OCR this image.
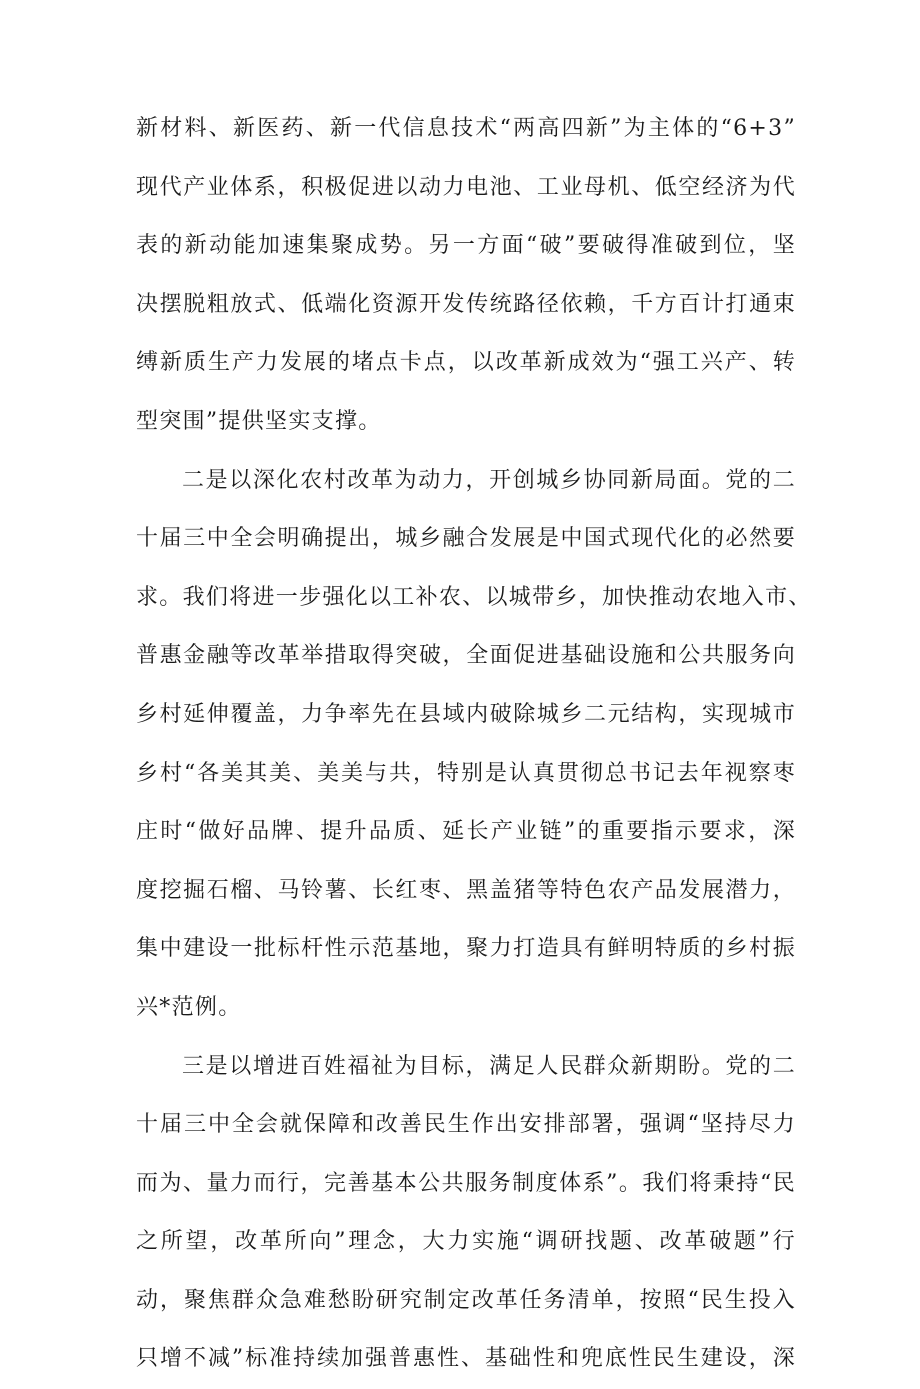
新材料、新医药、新一代信息技术“两高四新”为主体的“6+3”
现代产业体系，积极促进以动力电池、工业母机、低空经济为代
表的新动能加速集聚成势。另一方面“破”要破得准破到位，坚
决摆脱粗放式、低端化资源开发传统路径依赖，千方百计打通束
缚新质生产力发展的堵点卡点，以改革新成效为“强工兴产、转
型突围”提供坚实支撑。
二是以深化农村改革为动力，开创城乡协同新局面。党的二
十届三中全会明确提出，城乡融合发展是中国式现代化的必然要
求。我们将进一步强化以工补农、以城带乡，加快推动农地入市、
普惠金融等改革举措取得突破，全面促进基础设施和公共服务向
乡村延伸覆盖，力争率先在县域内破除城乡二元结构，实现城市
乡村“各美其美、美美与共，特别是认真贯彻总书记去年视察枣
庄时“做好品牌、提升品质、延长产业链”的重要指示要求，深
度挖掘石榴、马铃薯、长红枣、黑盖猪等特色农产品发展潜力，
集中建设一批标杆性示范基地，聚力打造具有鲜明特质的乡村振
兴*范例。
三是以增进百姓福祉为目标，满足人民群众新期盼。党的二
十届三中全会就保障和改善民生作出安排部署，强调“坚持尽力
而为、量力而行，完善基本公共服务制度体系”。我们将秉持“民
之所望，改革所向”理念，大力实施“调研找题、改革破题”行
动，聚焦群众急难愁盼研究制定改革任务清单，按照“民生投入
只增不减”标准持续加强普惠性、基础性和兜底性民生建设，深
